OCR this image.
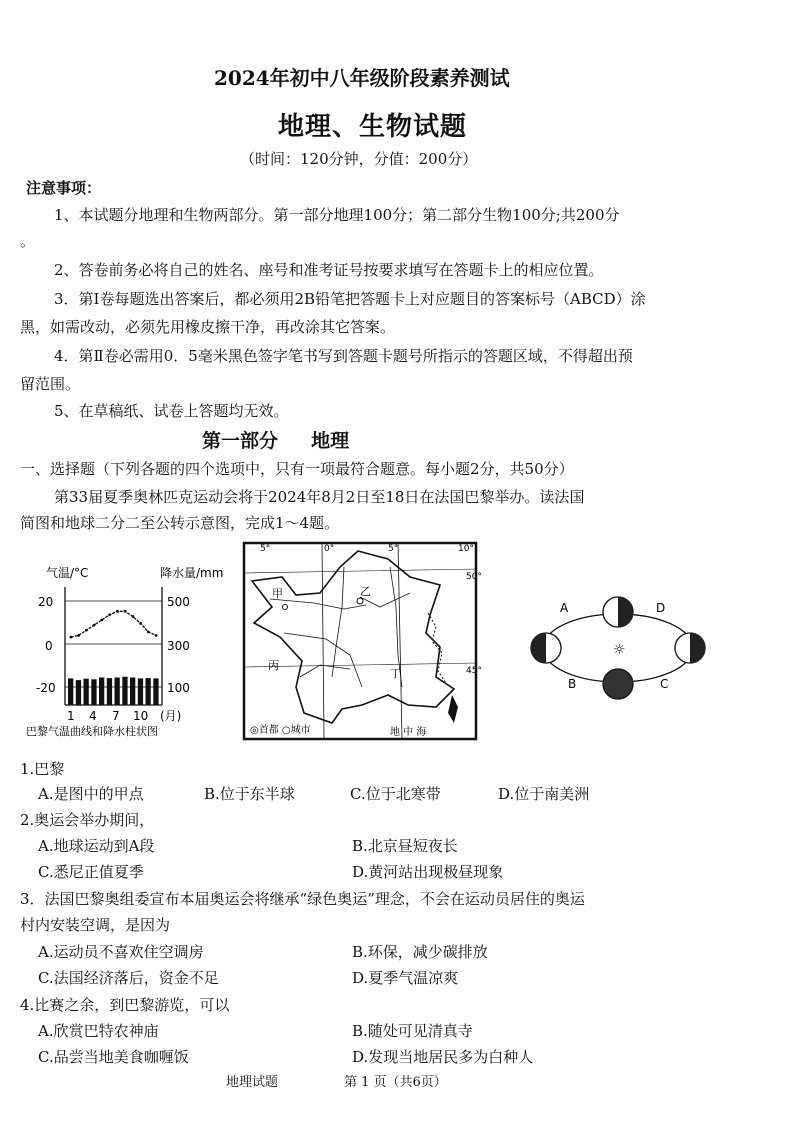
2024年初中八年级阶段素养测试
地理、生物试题
（时间：120分钟，分值：200分）
注意事项：
1、本试题分地理和生物两部分。第一部分地理100分；第二部分生物100分;共200分
。
2、答卷前务必将自己的姓名、座号和准考证号按要求填写在答题卡上的相应位置。
3．第Ⅰ卷每题选出答案后，都必须用2B铅笔把答题卡上对应题目的答案标号（ABCD）涂
黑，如需改动，必须先用橡皮擦干净，再改涂其它答案。
4．第Ⅱ卷必需用0．5毫米黑色签字笔书写到答题卡题号所指示的答题区域，不得超出预
留范围。
5、在草稿纸、试卷上答题均无效。
第一部分     地理
一、选择题（下列各题的四个选项中，只有一项最符合题意。每小题2分，共50分）
第33届夏季奥林匹克运动会将于2024年8月2日至18日在法国巴黎举办。读法国
简图和地球二分二至公转示意图，完成1～4题。
气温/°C	降水量/mm
20
0
-20
500
300
100
1 4 7 10 (月)
巴黎气温曲线和降水柱状图
甲	乙
丙
丁
地 中 海
5°	0°	5°	10°
50°
45°
◎首都 ○城市
☼
A	D
B	C
1.巴黎
A.是图中的甲点	B.位于东半球	C.位于北寒带	D.位于南美洲
2.奥运会举办期间，
A.地球运动到A段	B.北京昼短夜长
C.悉尼正值夏季	D.黄河站出现极昼现象
3．法国巴黎奥组委宣布本届奥运会将继承“绿色奥运”理念，不会在运动员居住的奥运
村内安装空调，是因为
A.运动员不喜欢住空调房	B.环保，减少碳排放
C.法国经济落后，资金不足	D.夏季气温凉爽
4.比赛之余，到巴黎游览，可以
A.欣赏巴特农神庙	B.随处可见清真寺
C.品尝当地美食咖喱饭	D.发现当地居民多为白种人
地理试题	第 1 页（共6页）
